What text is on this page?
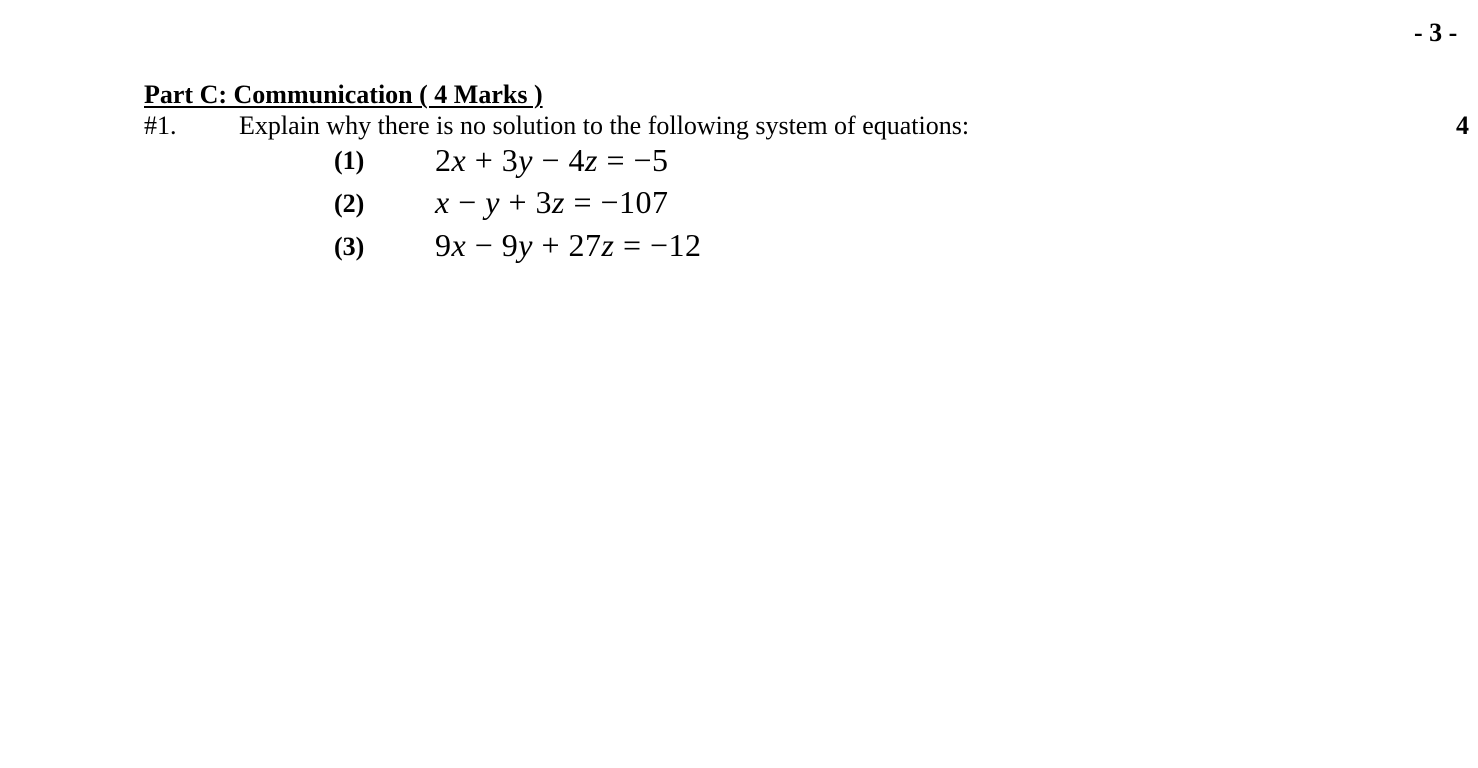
- 3 -
Part C: Communication ( 4 Marks )
#1. Explain why there is no solution to the following system of equations:	4
(1) 2x + 3y − 4z = −5
(2) x − y + 3z = −107
(3) 9x − 9y + 27z = −12
